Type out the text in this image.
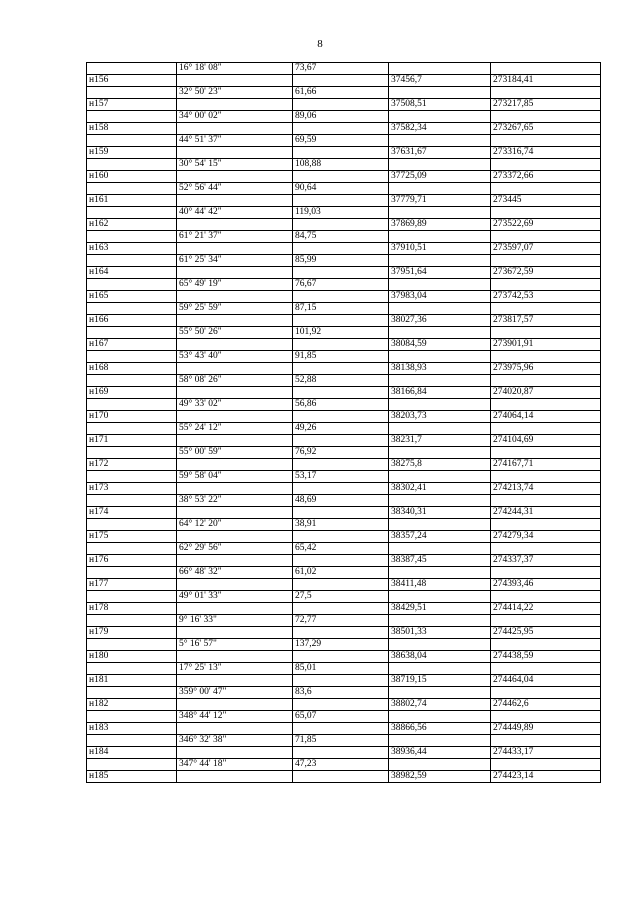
8
	16° 18' 08"	73,67		
н156			37456,7	273184,41
	32° 50' 23"	61,66		
н157			37508,51	273217,85
	34° 00' 02"	89,06		
н158			37582,34	273267,65
	44° 51' 37"	69,59		
н159			37631,67	273316,74
	30° 54' 15"	108,88		
н160			37725,09	273372,66
	52° 56' 44"	90,64		
н161			37779,71	273445
	40° 44' 42"	119,03		
н162			37869,89	273522,69
	61° 21' 37"	84,75		
н163			37910,51	273597,07
	61° 25' 34"	85,99		
н164			37951,64	273672,59
	65° 49' 19"	76,67		
н165			37983,04	273742,53
	59° 25' 59"	87,15		
н166			38027,36	273817,57
	55° 50' 26"	101,92		
н167			38084,59	273901,91
	53° 43' 40"	91,85		
н168			38138,93	273975,96
	58° 08' 26"	52,88		
н169			38166,84	274020,87
	49° 33' 02"	56,86		
н170			38203,73	274064,14
	55° 24' 12"	49,26		
н171			38231,7	274104,69
	55° 00' 59"	76,92		
н172			38275,8	274167,71
	59° 58' 04"	53,17		
н173			38302,41	274213,74
	38° 53' 22"	48,69		
н174			38340,31	274244,31
	64° 12' 20"	38,91		
н175			38357,24	274279,34
	62° 29' 56"	65,42		
н176			38387,45	274337,37
	66° 48' 32"	61,02		
н177			38411,48	274393,46
	49° 01' 33"	27,5		
н178			38429,51	274414,22
	9° 16' 33"	72,77		
н179			38501,33	274425,95
	5° 16' 57"	137,29		
н180			38638,04	274438,59
	17° 25' 13"	85,01		
н181			38719,15	274464,04
	359° 00' 47"	83,6		
н182			38802,74	274462,6
	348° 44' 12"	65,07		
н183			38866,56	274449,89
	346° 32' 38"	71,85		
н184			38936,44	274433,17
	347° 44' 18"	47,23		
н185			38982,59	274423,14
